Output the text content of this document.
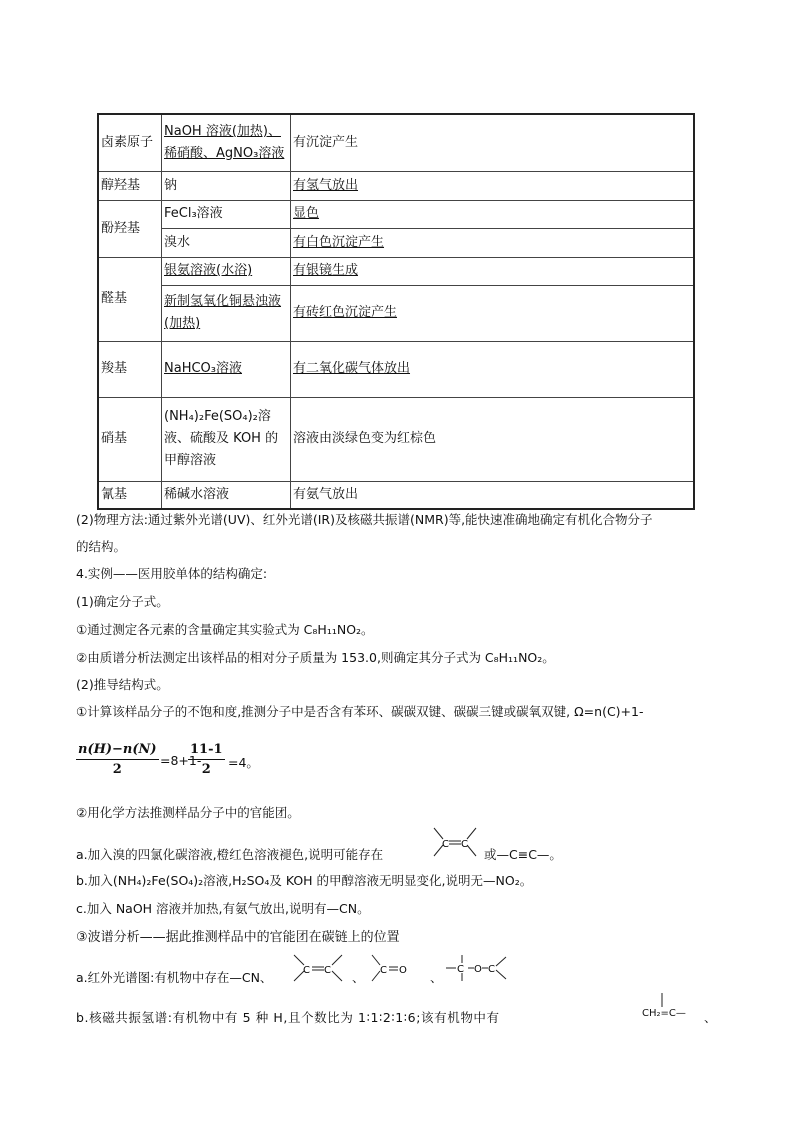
卤素原子	NaOH 溶液(加热)、稀硝酸、AgNO₃溶液	有沉淀产生
醇羟基	钠	有氢气放出
酚羟基	FeCl₃溶液	显色
	溴水	有白色沉淀产生
醛基	银氨溶液(水浴)	有银镜生成
	新制氢氧化铜悬浊液(加热)	有砖红色沉淀产生
羧基	NaHCO₃溶液	有二氧化碳气体放出
硝基	(NH₄)₂Fe(SO₄)₂溶液、硫酸及 KOH 的甲醇溶液	溶液由淡绿色变为红棕色
氰基	稀碱水溶液	有氨气放出
(2)物理方法:通过紫外光谱(UV)、红外光谱(IR)及核磁共振谱(NMR)等,能快速准确地确定有机化合物分子
的结构。
4.实例——医用胶单体的结构确定:
(1)确定分子式。
①通过测定各元素的含量确定其实验式为 C₈H₁₁NO₂。
②由质谱分析法测定出该样品的相对分子质量为 153.0,则确定其分子式为 C₈H₁₁NO₂。
(2)推导结构式。
①计算该样品分子的不饱和度,推测分子中是否含有苯环、碳碳双键、碳碳三键或碳氧双键, Ω=n(C)+1-
$\frac{n(H)-n(N)}{2} =8+1-$
$\frac{11-1}{2} =4$。
②用化学方法推测样品分子中的官能团。
a.加入溴的四氯化碳溶液,橙红色溶液褪色,说明可能存在
C C
或—C≡C—。
b.加入(NH₄)₂Fe(SO₄)₂溶液,H₂SO₄及 KOH 的甲醇溶液无明显变化,说明无—NO₂。
c.加入 NaOH 溶液并加热,有氨气放出,说明有—CN。
③波谱分析——据此推测样品中的官能团在碳链上的位置
a.红外光谱图:有机物中存在—CN、	C C 、 C O 、
C O C
b.核磁共振氢谱:有机物中有 5 种 H,且个数比为 1∶1∶2∶1∶6;该有机物中有	CH₂=C— 、
